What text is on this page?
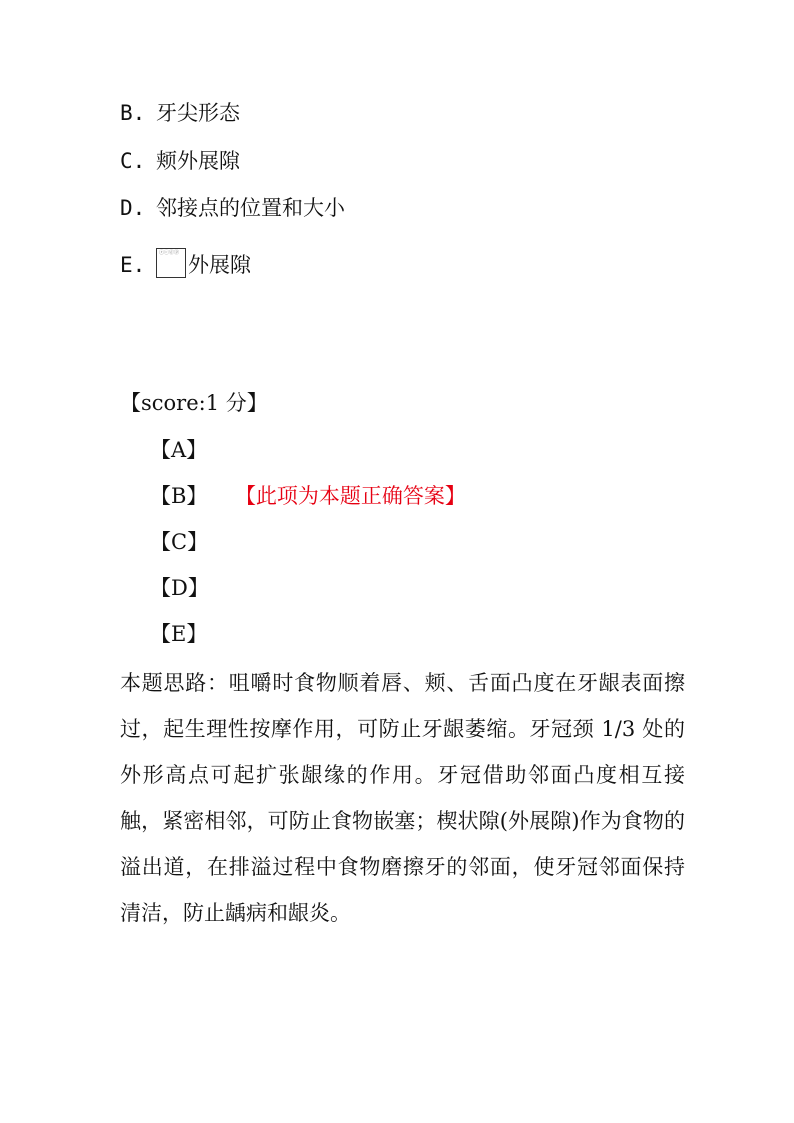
B. 牙尖形态
C. 颊外展隙
D. 邻接点的位置和大小
E.	ⓡⓒⓓⓟ 外展隙
【score:1 分】
【A】
【B】 【此项为本题正确答案】
【C】
【D】
【E】
本题思路：咀嚼时食物顺着唇、颊、舌面凸度在牙龈表面擦过，起生理性按摩作用，可防止牙龈萎缩。牙冠颈 1/3 处的外形高点可起扩张龈缘的作用。牙冠借助邻面凸度相互接触，紧密相邻，可防止食物嵌塞；楔状隙(外展隙)作为食物的溢出道，在排溢过程中食物磨擦牙的邻面，使牙冠邻面保持清洁，防止龋病和龈炎。
